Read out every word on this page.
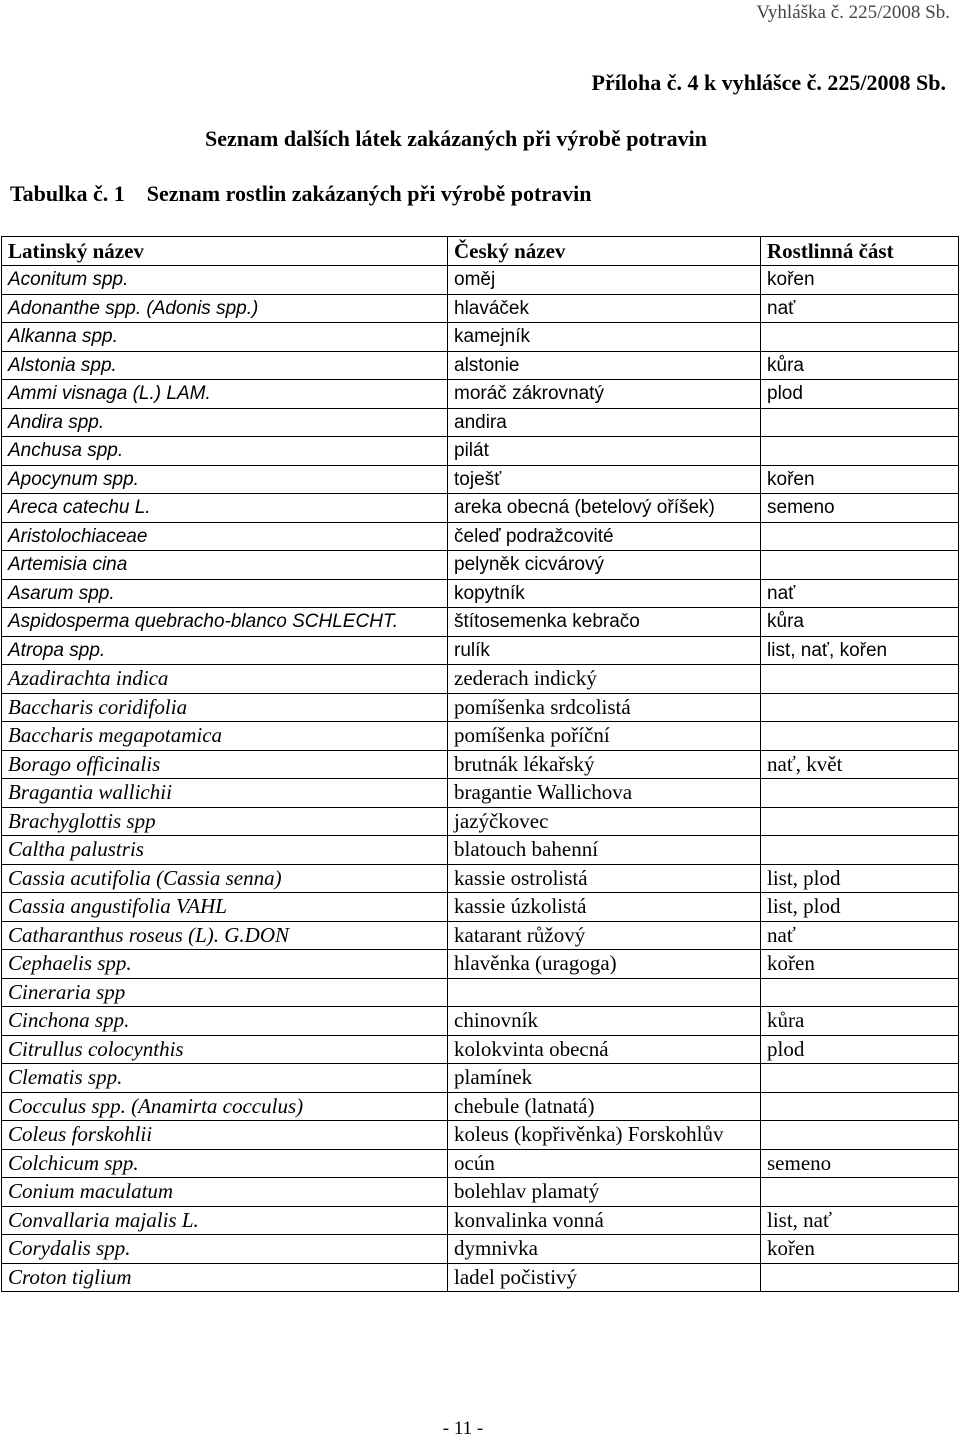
Vyhláška č. 225/2008 Sb.
Příloha č. 4 k vyhlášce č. 225/2008 Sb.
Seznam dalších látek zakázaných při výrobě potravin
Tabulka č. 1 Seznam rostlin zakázaných při výrobě potravin
Latinský název	Český název	Rostlinná část
Aconitum spp.	oměj	kořen
Adonanthe spp. (Adonis spp.)	hlaváček	nať
Alkanna spp.	kamejník	
Alstonia spp.	alstonie	kůra
Ammi visnaga (L.) LAM.	moráč zákrovnatý	plod
Andira spp.	andira	
Anchusa spp.	pilát	
Apocynum spp.	toješť	kořen
Areca catechu L.	areka obecná (betelový oříšek)	semeno
Aristolochiaceae	čeleď podražcovité	
Artemisia cina	pelyněk cicvárový	
Asarum spp.	kopytník	nať
Aspidosperma quebracho-blanco SCHLECHT.	štítosemenka kebračo	kůra
Atropa spp.	rulík	list, nať, kořen
Azadirachta indica	zederach indický	
Baccharis coridifolia	pomíšenka srdcolistá	
Baccharis megapotamica	pomíšenka poříční	
Borago officinalis	brutnák lékařský	nať, květ
Bragantia wallichii	bragantie Wallichova	
Brachyglottis spp	jazýčkovec	
Caltha palustris	blatouch bahenní	
Cassia acutifolia (Cassia senna)	kassie ostrolistá	list, plod
Cassia angustifolia VAHL	kassie úzkolistá	list, plod
Catharanthus roseus (L). G.DON	katarant růžový	nať
Cephaelis spp.	hlavěnka (uragoga)	kořen
Cineraria spp		
Cinchona spp.	chinovník	kůra
Citrullus colocynthis	kolokvinta obecná	plod
Clematis spp.	plamínek	
Cocculus spp. (Anamirta cocculus)	chebule (latnatá)	
Coleus forskohlii	koleus (kopřivěnka) Forskohlův	
Colchicum spp.	ocún	semeno
Conium maculatum	bolehlav plamatý	
Convallaria majalis L.	konvalinka vonná	list, nať
Corydalis spp.	dymnivka	kořen
Croton tiglium	ladel počistivý	
- 11 -
